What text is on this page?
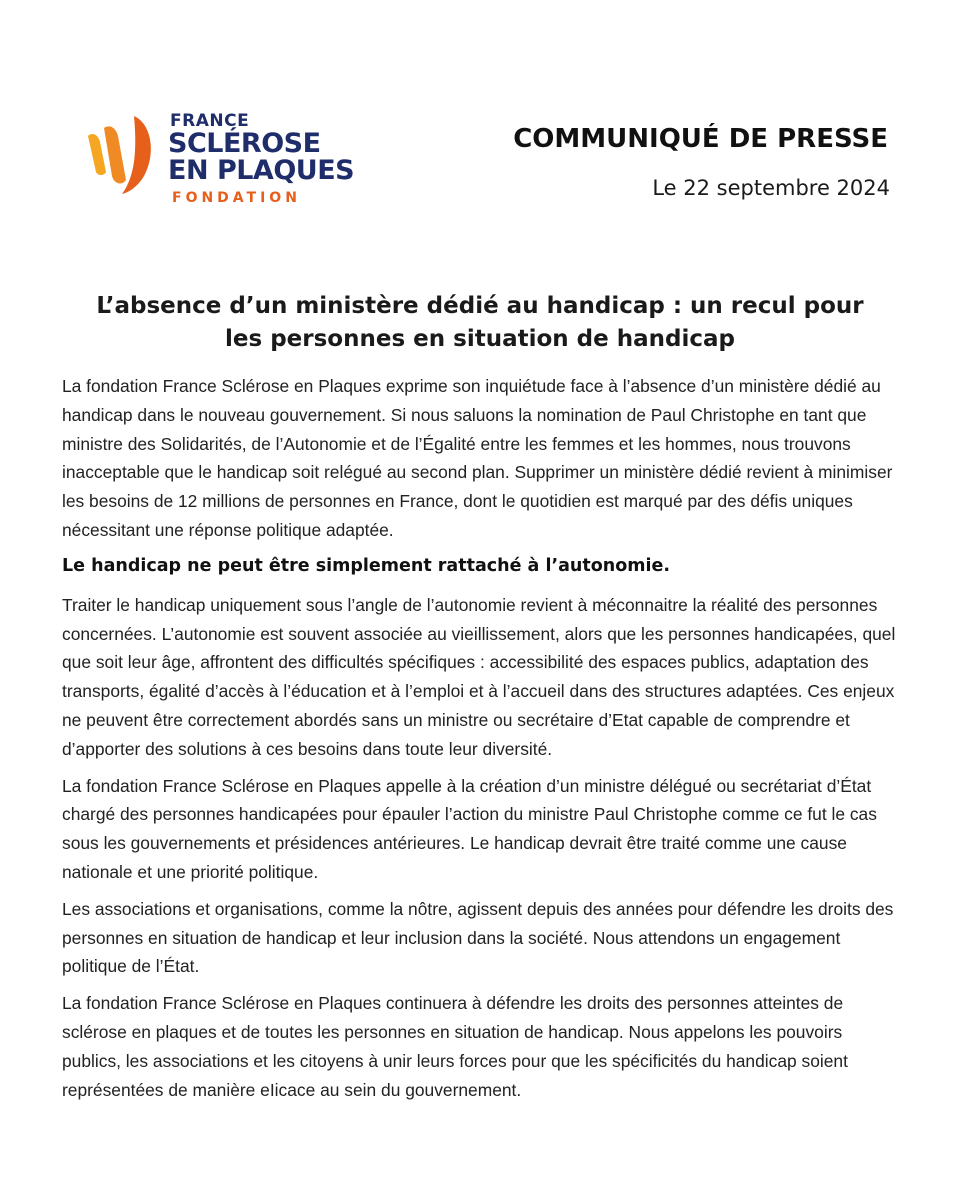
FRANCE
SCLÉROSE
EN PLAQUES
FONDATION
COMMUNIQUÉ DE PRESSE
Le 22 septembre 2024
L’absence d’un ministère dédié au handicap : un recul pour les personnes en situation de handicap

La fondation France Sclérose en Plaques exprime son inquiétude face à l’absence d’un ministère dédié au handicap dans le nouveau gouvernement. Si nous saluons la nomination de Paul Christophe en tant que ministre des Solidarités, de l’Autonomie et de l’Égalité entre les femmes et les hommes, nous trouvons inacceptable que le handicap soit relégué au second plan. Supprimer un ministère dédié revient à minimiser les besoins de 12 millions de personnes en France, dont le quotidien est marqué par des défis uniques nécessitant une réponse politique adaptée.

Le handicap ne peut être simplement rattaché à l’autonomie.

Traiter le handicap uniquement sous l’angle de l’autonomie revient à méconnaitre la réalité des personnes concernées. L’autonomie est souvent associée au vieillissement, alors que les personnes handicapées, quel que soit leur âge, affrontent des difficultés spécifiques : accessibilité des espaces publics, adaptation des transports, égalité d’accès à l’éducation et à l’emploi et à l’accueil dans des structures adaptées. Ces enjeux ne peuvent être correctement abordés sans un ministre ou secrétaire d’Etat capable de comprendre et d’apporter des solutions à ces besoins dans toute leur diversité.

La fondation France Sclérose en Plaques appelle à la création d’un ministre délégué ou secrétariat d’État chargé des personnes handicapées pour épauler l’action du ministre Paul Christophe comme ce fut le cas sous les gouvernements et présidences antérieures. Le handicap devrait être traité comme une cause nationale et une priorité politique.

Les associations et organisations, comme la nôtre, agissent depuis des années pour défendre les droits des personnes en situation de handicap et leur inclusion dans la société. Nous attendons un engagement politique de l’État.

La fondation France Sclérose en Plaques continuera à défendre les droits des personnes atteintes de sclérose en plaques et de toutes les personnes en situation de handicap. Nous appelons les pouvoirs publics, les associations et les citoyens à unir leurs forces pour que les spécificités du handicap soient représentées de manière eIicace au sein du gouvernement.
